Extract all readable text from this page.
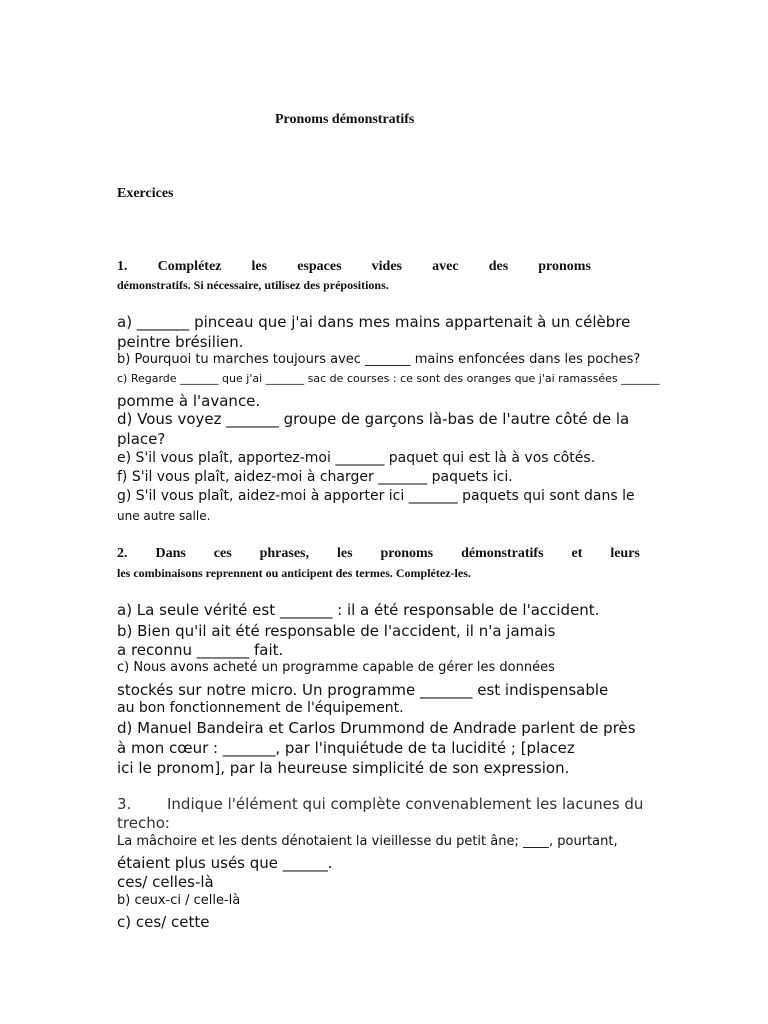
Pronoms démonstratifs
Exercices
1. Complétez les espaces vides avec des pronoms
démonstratifs. Si nécessaire, utilisez des prépositions.
a) _______ pinceau que j'ai dans mes mains appartenait à un célèbre
peintre brésilien.
b) Pourquoi tu marches toujours avec _______ mains enfoncées dans les poches?
c) Regarde _______ que j'ai _______ sac de courses : ce sont des oranges que j'ai ramassées _______
pomme à l'avance.
d) Vous voyez _______ groupe de garçons là-bas de l'autre côté de la
place?
e) S'il vous plaît, apportez-moi _______ paquet qui est là à vos côtés.
f) S'il vous plaît, aidez-moi à charger _______ paquets ici.
g) S'il vous plaît, aidez-moi à apporter ici _______ paquets qui sont dans le
une autre salle.
2. Dans ces phrases, les pronoms démonstratifs et leurs
les combinaisons reprennent ou anticipent des termes. Complétez-les.
a) La seule vérité est _______ : il a été responsable de l'accident.
b) Bien qu'il ait été responsable de l'accident, il n'a jamais
a reconnu _______ fait.
c) Nous avons acheté un programme capable de gérer les données
stockés sur notre micro. Un programme _______ est indispensable
au bon fonctionnement de l'équipement.
d) Manuel Bandeira et Carlos Drummond de Andrade parlent de près
à mon cœur : _______, par l'inquiétude de ta lucidité ; [placez
ici le pronom], par la heureuse simplicité de son expression.
3. Indique l'élément qui complète convenablement les lacunes du
trecho:
La mâchoire et les dents dénotaient la vieillesse du petit âne; ____, pourtant,
étaient plus usés que ______.
ces/ celles-là
b) ceux-ci / celle-là
c) ces/ cette
